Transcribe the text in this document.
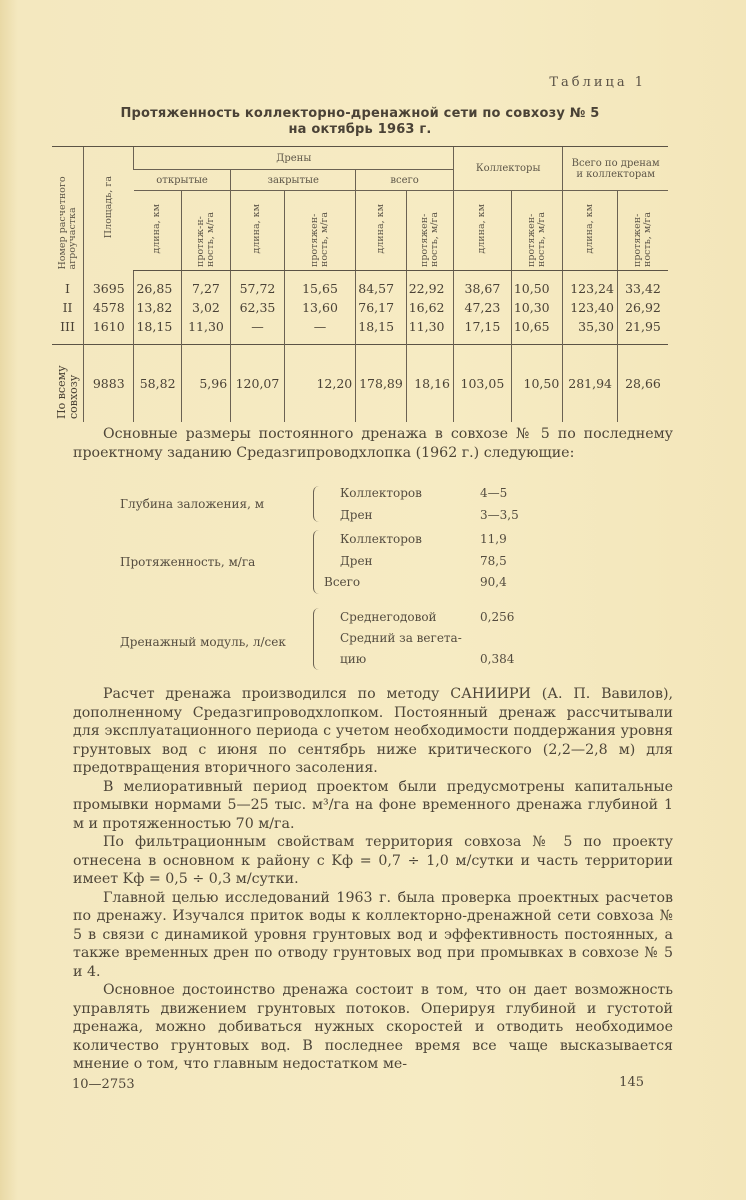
Таблица 1
Протяженность коллекторно-дренажной сети по совхозу № 5
на октябрь 1963 г.
Номер расчетного агроучастка	Площадь, га	Дрены						Коллекторы		Всего по дренам и коллекторам	
		открытые		закрытые		всего					
		длина, км	протяж-н-ность, м/га	длина, км	протяжен-ность, м/га	длина, км	протяжен-ность, м/га	длина, км	протяжен-ность, м/га	длина, км	протяжен-ность, м/га
I	3695	26,85	7,27	57,72	15,65	84,57	22,92	38,67	10,50	123,24	33,42
II	4578	13,82	3,02	62,35	13,60	76,17	16,62	47,23	10,30	123,40	26,92
III	1610	18,15	11,30	—	—	18,15	11,30	17,15	10,65	35,30	21,95
По всему совхозу	9883	58,82	5,96	120,07	12,20	178,89	18,16	103,05	10,50	281,94	28,66

Основные размеры постоянного дренажа в совхозе № 5 по последнему проектному заданию Средазгипроводхлопка (1962 г.) следующие:

Глубина заложения, м
Коллекторов	4—5
Дрен	3—3,5
Протяженность, м/га
Коллекторов	11,9
Дрен	78,5
Всего	90,4
Дренажный модуль, л/сек
Среднегодовой	0,256
Средний за вегета-
цию	0,384

Расчет дренажа производился по методу САНИИРИ (А. П. Вавилов), дополненному Средазгипроводхлопком. Постоянный дренаж рассчитывали для эксплуатационного периода с учетом необходимости поддержания уровня грунтовых вод с июня по сентябрь ниже критического (2,2—2,8 м) для предотвращения вторичного засоления.

В мелиоративный период проектом были предусмотрены капитальные промывки нормами 5—25 тыс. м³/га на фоне временного дренажа глубиной 1 м и протяженностью 70 м/га.

По фильтрационным свойствам территория совхоза № 5 по проекту отнесена в основном к району с Kф = 0,7 ÷ 1,0 м/сутки и часть территории имеет Kф = 0,5 ÷ 0,3 м/сутки.

Главной целью исследований 1963 г. была проверка проектных расчетов по дренажу. Изучался приток воды к коллекторно-дренажной сети совхоза № 5 в связи с динамикой уровня грунтовых вод и эффективность постоянных, а также временных дрен по отводу грунтовых вод при промывках в совхозе № 5 и 4.

Основное достоинство дренажа состоит в том, что он дает возможность управлять движением грунтовых потоков. Оперируя глубиной и густотой дренажа, можно добиваться нужных скоростей и отводить необходимое количество грунтовых вод. В последнее время все чаще высказывается мнение о том, что главным недостатком ме-

10—2753	145
